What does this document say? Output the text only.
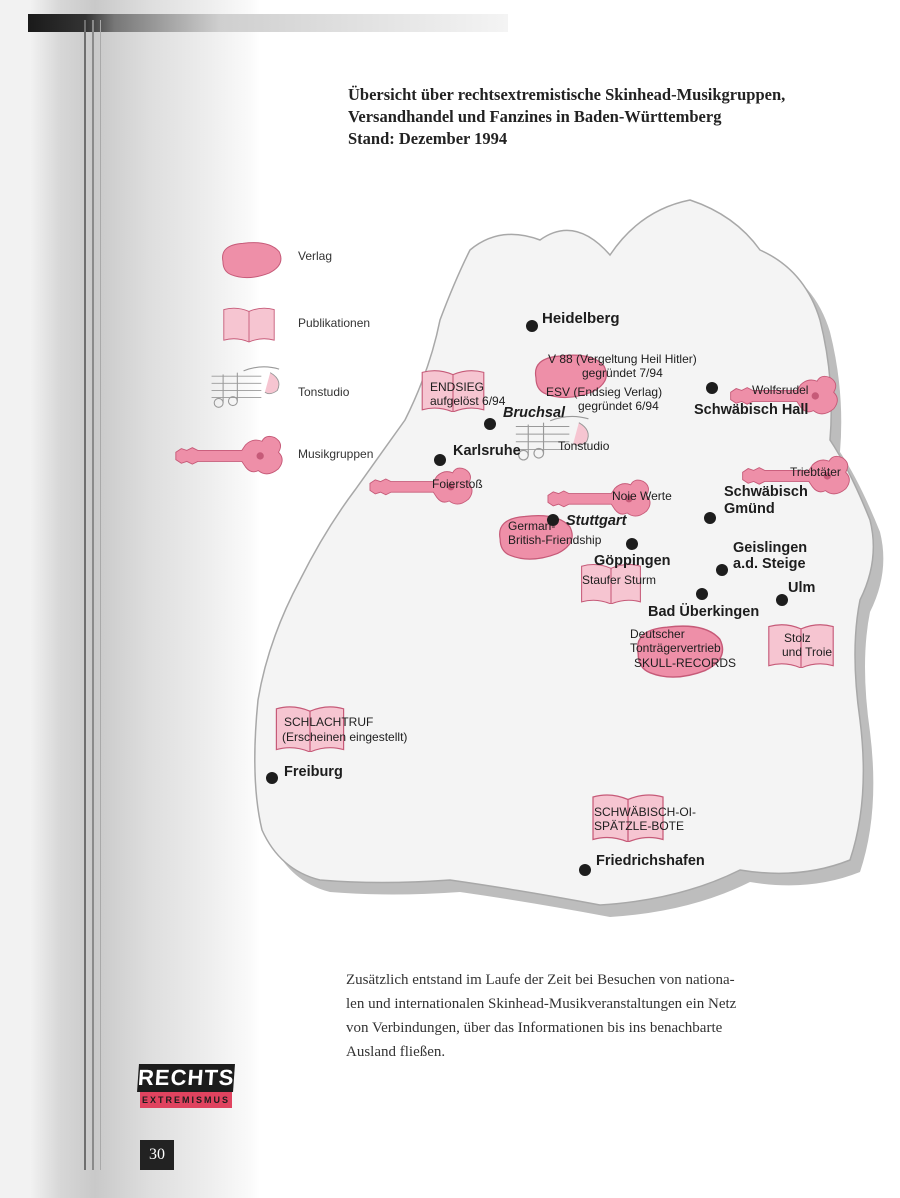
Übersicht über rechtsextremistische Skinhead-Musikgruppen,
Versandhandel und Fanzines in Baden-Württemberg
Stand: Dezember 1994
Verlag
Publikationen
Tonstudio
Musikgruppen
Heidelberg
Bruchsal
Karlsruhe
Stuttgart
Göppingen
Schwäbisch Hall
Schwäbisch
Gmünd
Geislingen
a.d. Steige
Ulm
Bad Überkingen
Freiburg
Friedrichshafen
V 88 (Vergeltung Heil Hitler)
gegründet 7/94
ESV (Endsieg Verlag)
gegründet 6/94
ENDSIEG
aufgelöst 6/94
Tonstudio
Foierstoß
Noie Werte
Wolfsrudel
Triebtäter
German-
British-Friendship
Staufer Sturm
Deutscher
Tonträgervertrieb
SKULL-RECORDS
Stolz
und Troie
SCHLACHTRUF
(Erscheinen eingestellt)
SCHWÄBISCH-OI-
SPÄTZLE-BOTE
Zusätzlich entstand im Laufe der Zeit bei Besuchen von nationa-
len und internationalen Skinhead-Musikveranstaltungen ein Netz
von Verbindungen, über das Informationen bis ins benachbarte
Ausland fließen.
RECHTS
EXTREMISMUS
30
